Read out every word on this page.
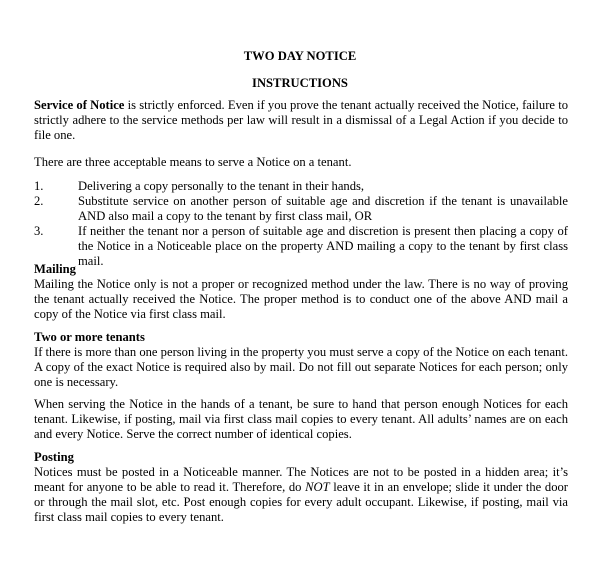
TWO DAY NOTICE
INSTRUCTIONS
Service of Notice is strictly enforced. Even if you prove the tenant actually received the Notice, failure to strictly adhere to the service methods per law will result in a dismissal of a Legal Action if you decide to file one.
There are three acceptable means to serve a Notice on a tenant.
1.	Delivering a copy personally to the tenant in their hands,
2.	Substitute service on another person of suitable age and discretion if the tenant is unavailable AND also mail a copy to the tenant by first class mail, OR
3.	If neither the tenant nor a person of suitable age and discretion is present then placing a copy of the Notice in a Noticeable place on the property AND mailing a copy to the tenant by first class mail.
Mailing
Mailing the Notice only is not a proper or recognized method under the law. There is no way of proving the tenant actually received the Notice. The proper method is to conduct one of the above AND mail a copy of the Notice via first class mail.
Two or more tenants
If there is more than one person living in the property you must serve a copy of the Notice on each tenant. A copy of the exact Notice is required also by mail. Do not fill out separate Notices for each person; only one is necessary.
When serving the Notice in the hands of a tenant, be sure to hand that person enough Notices for each tenant. Likewise, if posting, mail via first class mail copies to every tenant. All adults’ names are on each and every Notice. Serve the correct number of identical copies.
Posting
Notices must be posted in a Noticeable manner. The Notices are not to be posted in a hidden area; it’s meant for anyone to be able to read it. Therefore, do NOT leave it in an envelope; slide it under the door or through the mail slot, etc. Post enough copies for every adult occupant. Likewise, if posting, mail via first class mail copies to every tenant.
